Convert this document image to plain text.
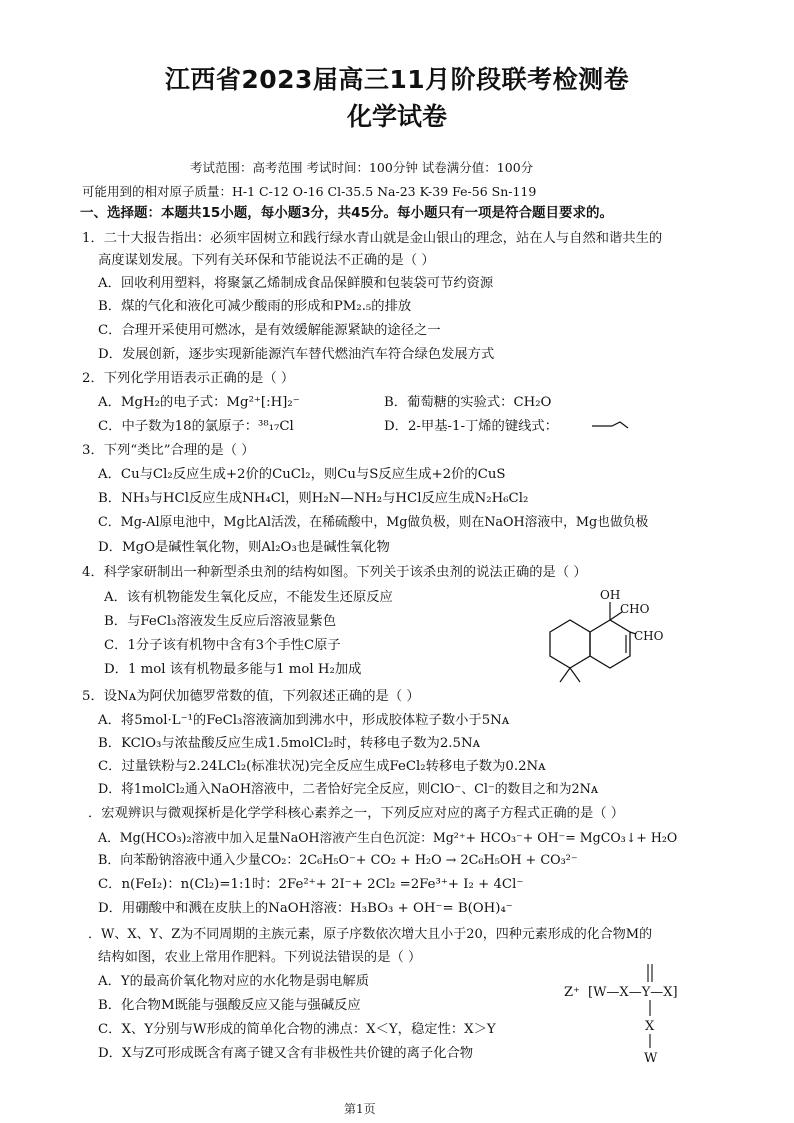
江西省2023届高三11月阶段联考检测卷
化学试卷
考试范围：高考范围 考试时间：100分钟 试卷满分值：100分
可能用到的相对原子质量：H-1 C-12 O-16 Cl-35.5 Na-23 K-39 Fe-56 Sn-119
一、选择题：本题共15小题，每小题3分，共45分。每小题只有一项是符合题目要求的。
1．二十大报告指出：必须牢固树立和践行绿水青山就是金山银山的理念，站在人与自然和谐共生的
高度谋划发展。下列有关环保和节能说法不正确的是（ ）
A．回收利用塑料，将聚氯乙烯制成食品保鲜膜和包装袋可节约资源
B．煤的气化和液化可减少酸雨的形成和PM₂.₅的排放
C．合理开采使用可燃冰，是有效缓解能源紧缺的途径之一
D．发展创新，逐步实现新能源汽车替代燃油汽车符合绿色发展方式
2．下列化学用语表示正确的是（ ）
A．MgH₂的电子式：Mg²⁺[:H]₂⁻	B．葡萄糖的实验式：CH₂O
C．中子数为18的氯原子：³⁸₁₇Cl	D．2-甲基-1-丁烯的键线式：
3．下列“类比”合理的是（ ）
A．Cu与Cl₂反应生成+2价的CuCl₂，则Cu与S反应生成+2价的CuS
B．NH₃与HCl反应生成NH₄Cl，则H₂N—NH₂与HCl反应生成N₂H₆Cl₂
C．Mg-Al原电池中，Mg比Al活泼，在稀硫酸中，Mg做负极，则在NaOH溶液中，Mg也做负极
D．MgO是碱性氧化物，则Al₂O₃也是碱性氧化物
4．科学家研制出一种新型杀虫剂的结构如图。下列关于该杀虫剂的说法正确的是（ ）
A．该有机物能发生氧化反应，不能发生还原反应
B．与FeCl₃溶液发生反应后溶液显紫色
C．1分子该有机物中含有3个手性C原子
D．1 mol 该有机物最多能与1 mol H₂加成
OH
CHO
CHO
5．设Nᴀ为阿伏加德罗常数的值，下列叙述正确的是（ ）
A．将5mol·L⁻¹的FeCl₃溶液滴加到沸水中，形成胶体粒子数小于5Nᴀ
B．KClO₃与浓盐酸反应生成1.5molCl₂时，转移电子数为2.5Nᴀ
C．过量铁粉与2.24LCl₂(标准状况)完全反应生成FeCl₂转移电子数为0.2Nᴀ
D．将1molCl₂通入NaOH溶液中，二者恰好完全反应，则ClO⁻、Cl⁻的数目之和为2Nᴀ
．宏观辨识与微观探析是化学学科核心素养之一，下列反应对应的离子方程式正确的是（ ）
A．Mg(HCO₃)₂溶液中加入足量NaOH溶液产生白色沉淀：Mg²⁺+ HCO₃⁻+ OH⁻= MgCO₃↓+ H₂O
B．向苯酚钠溶液中通入少量CO₂：2C₆H₅O⁻+ CO₂ + H₂O → 2C₆H₅OH + CO₃²⁻
C．n(FeI₂)：n(Cl₂)=1:1时：2Fe²⁺+ 2I⁻+ 2Cl₂ =2Fe³⁺+ I₂ + 4Cl⁻
D．用硼酸中和溅在皮肤上的NaOH溶液：H₃BO₃ + OH⁻= B(OH)₄⁻
．W、X、Y、Z为不同周期的主族元素，原子序数依次增大且小于20，四种元素形成的化合物M的
结构如图，农业上常用作肥料。下列说法错误的是（ ）
A．Y的最高价氧化物对应的水化物是弱电解质
B．化合物M既能与强酸反应又能与强碱反应
C．X、Y分别与W形成的简单化合物的沸点：X＜Y，稳定性：X＞Y
D．X与Z可形成既含有离子键又含有非极性共价键的离子化合物
Z⁺ [W—X—Y—X]
X
W
第1页
